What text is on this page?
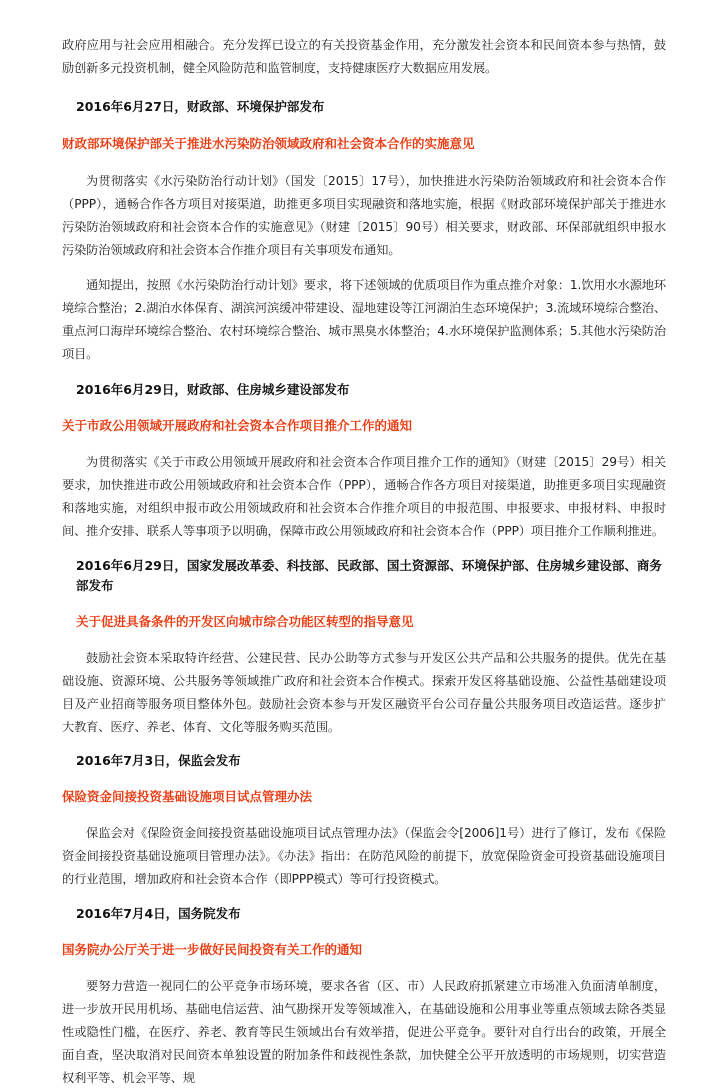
政府应用与社会应用相融合。充分发挥已设立的有关投资基金作用，充分激发社会资本和民间资本参与热情，鼓励创新多元投资机制，健全风险防范和监管制度，支持健康医疗大数据应用发展。

2016年6月27日，财政部、环境保护部发布

财政部环境保护部关于推进水污染防治领域政府和社会资本合作的实施意见

为贯彻落实《水污染防治行动计划》（国发〔2015〕17号），加快推进水污染防治领域政府和社会资本合作（PPP），通畅合作各方项目对接渠道，助推更多项目实现融资和落地实施，根据《财政部环境保护部关于推进水污染防治领域政府和社会资本合作的实施意见》（财建〔2015〕90号）相关要求，财政部、环保部就组织申报水污染防治领域政府和社会资本合作推介项目有关事项发布通知。

通知提出，按照《水污染防治行动计划》要求，将下述领域的优质项目作为重点推介对象：1.饮用水水源地环境综合整治；2.湖泊水体保育、湖滨河滨缓冲带建设、湿地建设等江河湖泊生态环境保护；3.流域环境综合整治、重点河口海岸环境综合整治、农村环境综合整治、城市黑臭水体整治；4.水环境保护监测体系；5.其他水污染防治项目。

2016年6月29日，财政部、住房城乡建设部发布

关于市政公用领域开展政府和社会资本合作项目推介工作的通知

为贯彻落实《关于市政公用领域开展政府和社会资本合作项目推介工作的通知》（财建〔2015〕29号）相关要求，加快推进市政公用领域政府和社会资本合作（PPP），通畅合作各方项目对接渠道，助推更多项目实现融资和落地实施，对组织申报市政公用领域政府和社会资本合作推介项目的申报范围、申报要求、申报材料、申报时间、推介安排、联系人等事项予以明确，保障市政公用领域政府和社会资本合作（PPP）项目推介工作顺利推进。

2016年6月29日，国家发展改革委、科技部、民政部、国土资源部、环境保护部、住房城乡建设部、商务部发布

关于促进具备条件的开发区向城市综合功能区转型的指导意见

鼓励社会资本采取特许经营、公建民营、民办公助等方式参与开发区公共产品和公共服务的提供。优先在基础设施、资源环境、公共服务等领域推广政府和社会资本合作模式。探索开发区将基础设施、公益性基础建设项目及产业招商等服务项目整体外包。鼓励社会资本参与开发区融资平台公司存量公共服务项目改造运营。逐步扩大教育、医疗、养老、体育、文化等服务购买范围。

2016年7月3日，保监会发布

保险资金间接投资基础设施项目试点管理办法

保监会对《保险资金间接投资基础设施项目试点管理办法》（保监会令[2006]1号）进行了修订，发布《保险资金间接投资基础设施项目管理办法》。《办法》指出：在防范风险的前提下，放宽保险资金可投资基础设施项目的行业范围，增加政府和社会资本合作（即PPP模式）等可行投资模式。

2016年7月4日，国务院发布

国务院办公厅关于进一步做好民间投资有关工作的通知

要努力营造一视同仁的公平竞争市场环境，要求各省（区、市）人民政府抓紧建立市场准入负面清单制度，进一步放开民用机场、基础电信运营、油气勘探开发等领域准入，在基础设施和公用事业等重点领域去除各类显性或隐性门槛，在医疗、养老、教育等民生领域出台有效举措，促进公平竞争。要针对自行出台的政策，开展全面自查，坚决取消对民间资本单独设置的附加条件和歧视性条款，加快健全公平开放透明的市场规则，切实营造权利平等、机会平等、规
